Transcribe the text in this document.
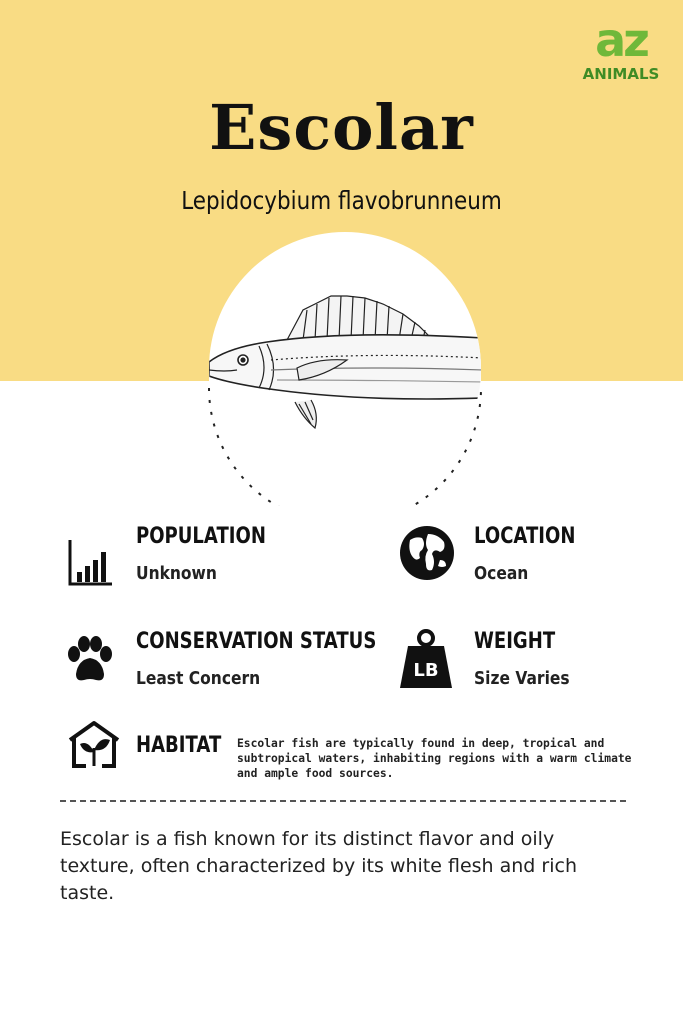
az
ANIMALS
Escolar
Lepidocybium flavobrunneum
POPULATION
Unknown
LOCATION
Ocean
CONSERVATION STATUS
Least Concern	LB
WEIGHT
Size Varies
HABITAT Escolar fish are typically found in deep, tropical and subtropical waters, inhabiting regions with a warm climate and ample food sources.
Escolar is a fish known for its distinct flavor and oily texture, often characterized by its white flesh and rich taste.
